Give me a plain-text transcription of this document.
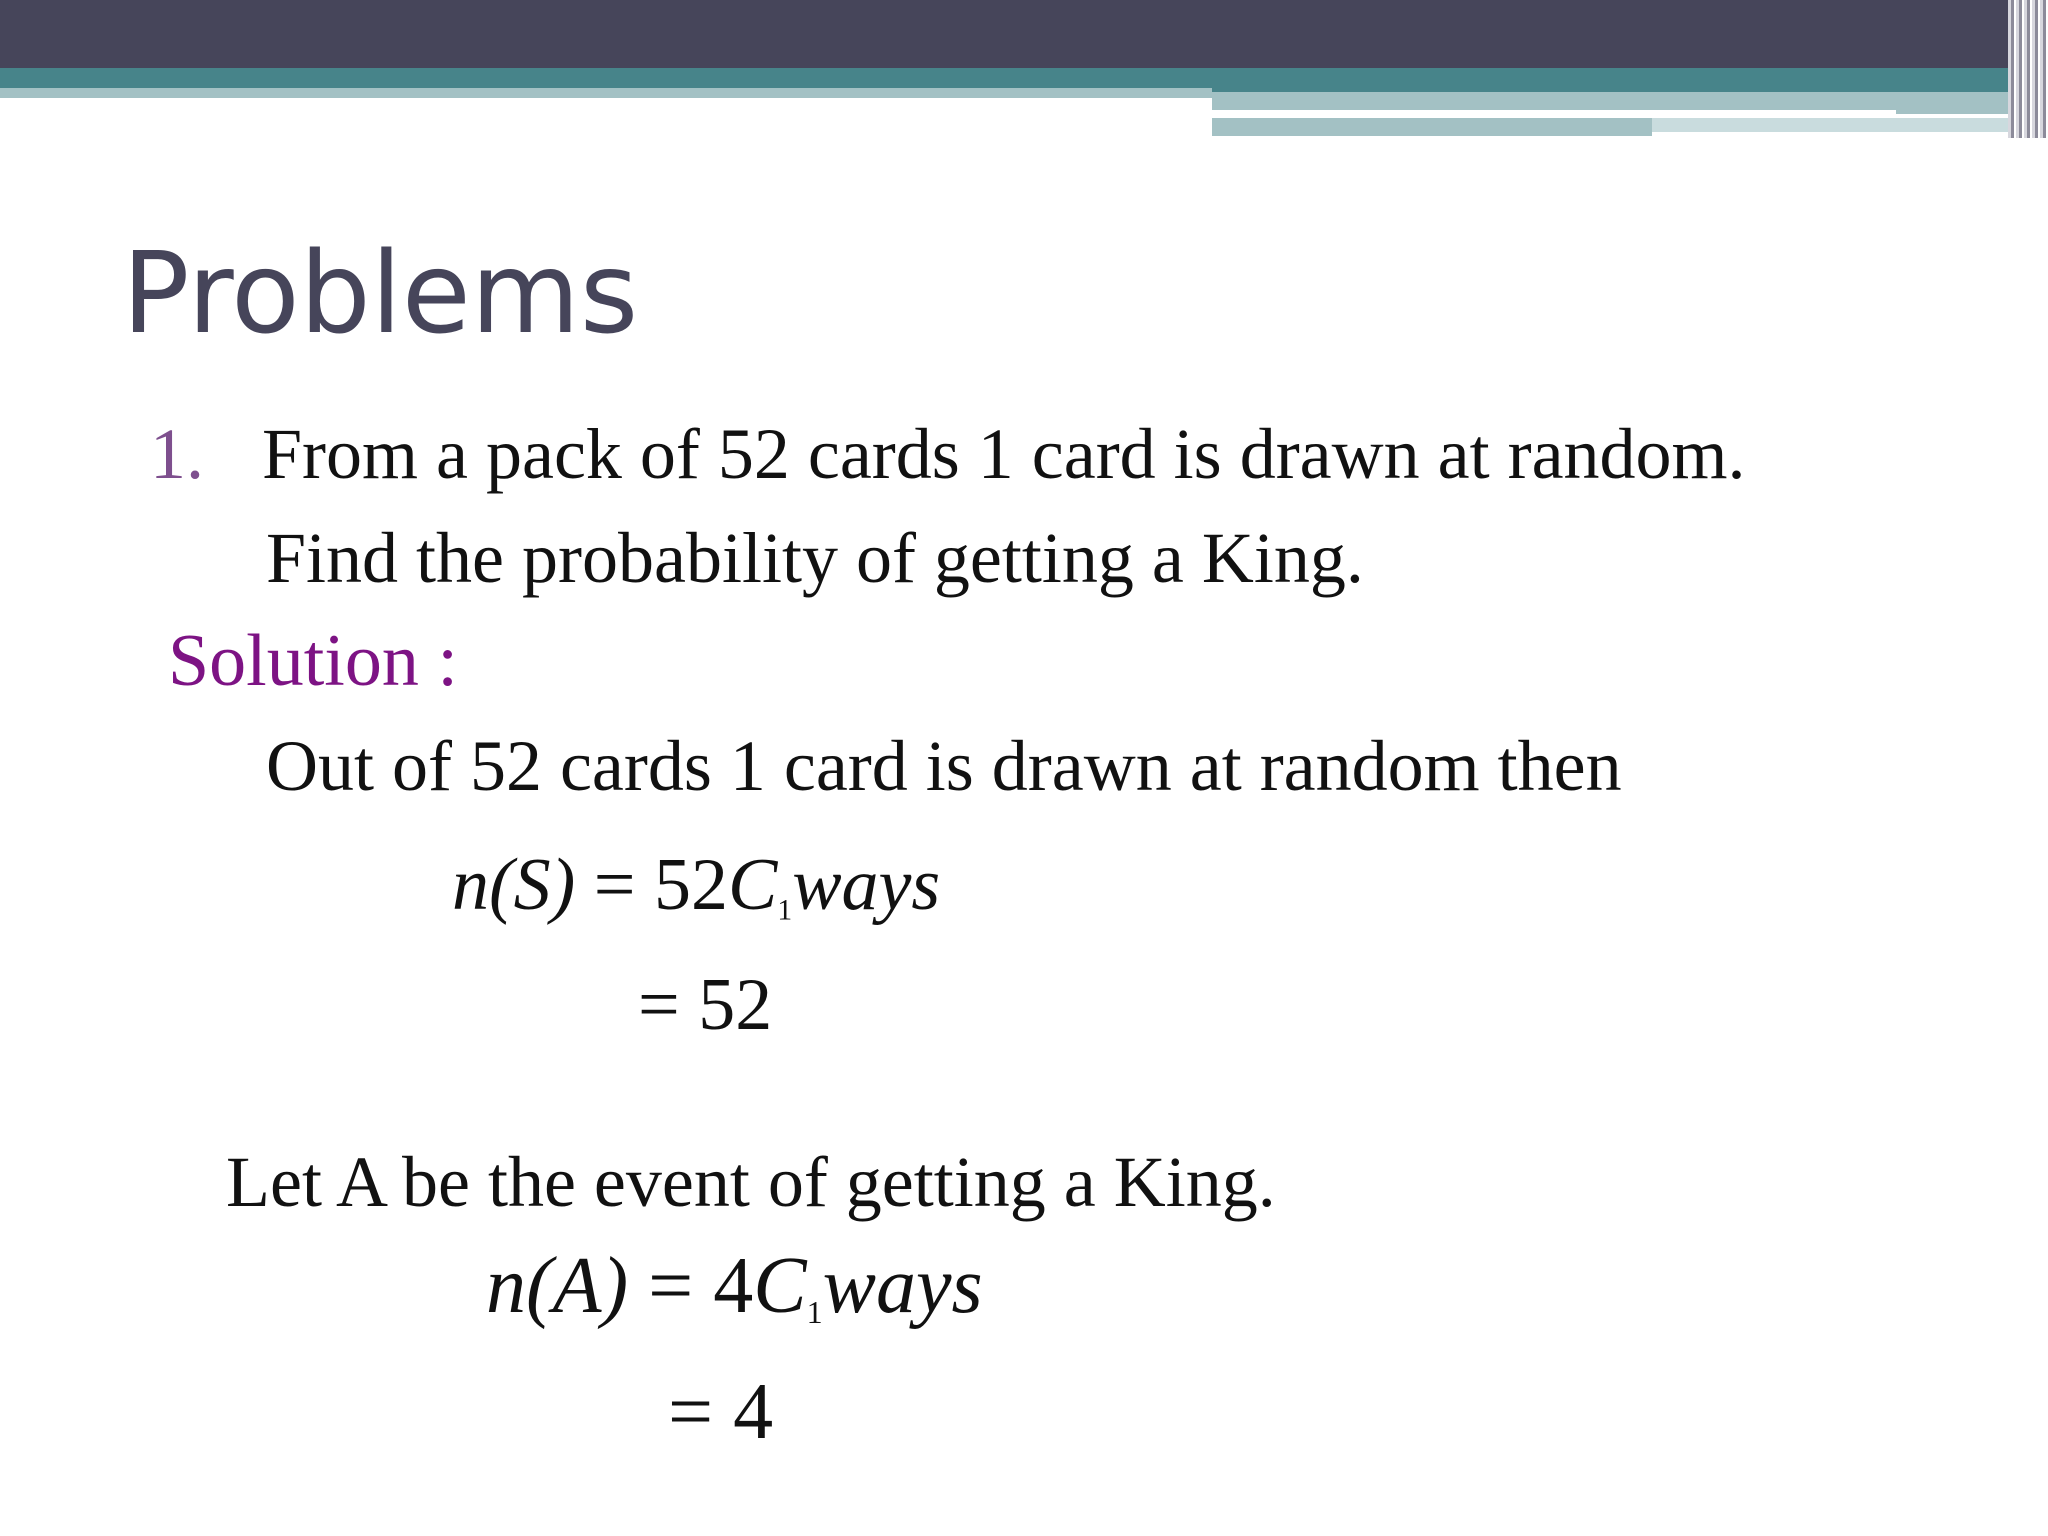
Problems
1. From a pack of 52 cards 1 card is drawn at random.
Find the probability of getting a King.
Solution :
Out of 52 cards 1 card is drawn at random then
$n(S) = 52C_1ways$
= 52
Let A be the event of getting a King.
$n(A) = 4C_1ways$
= 4
